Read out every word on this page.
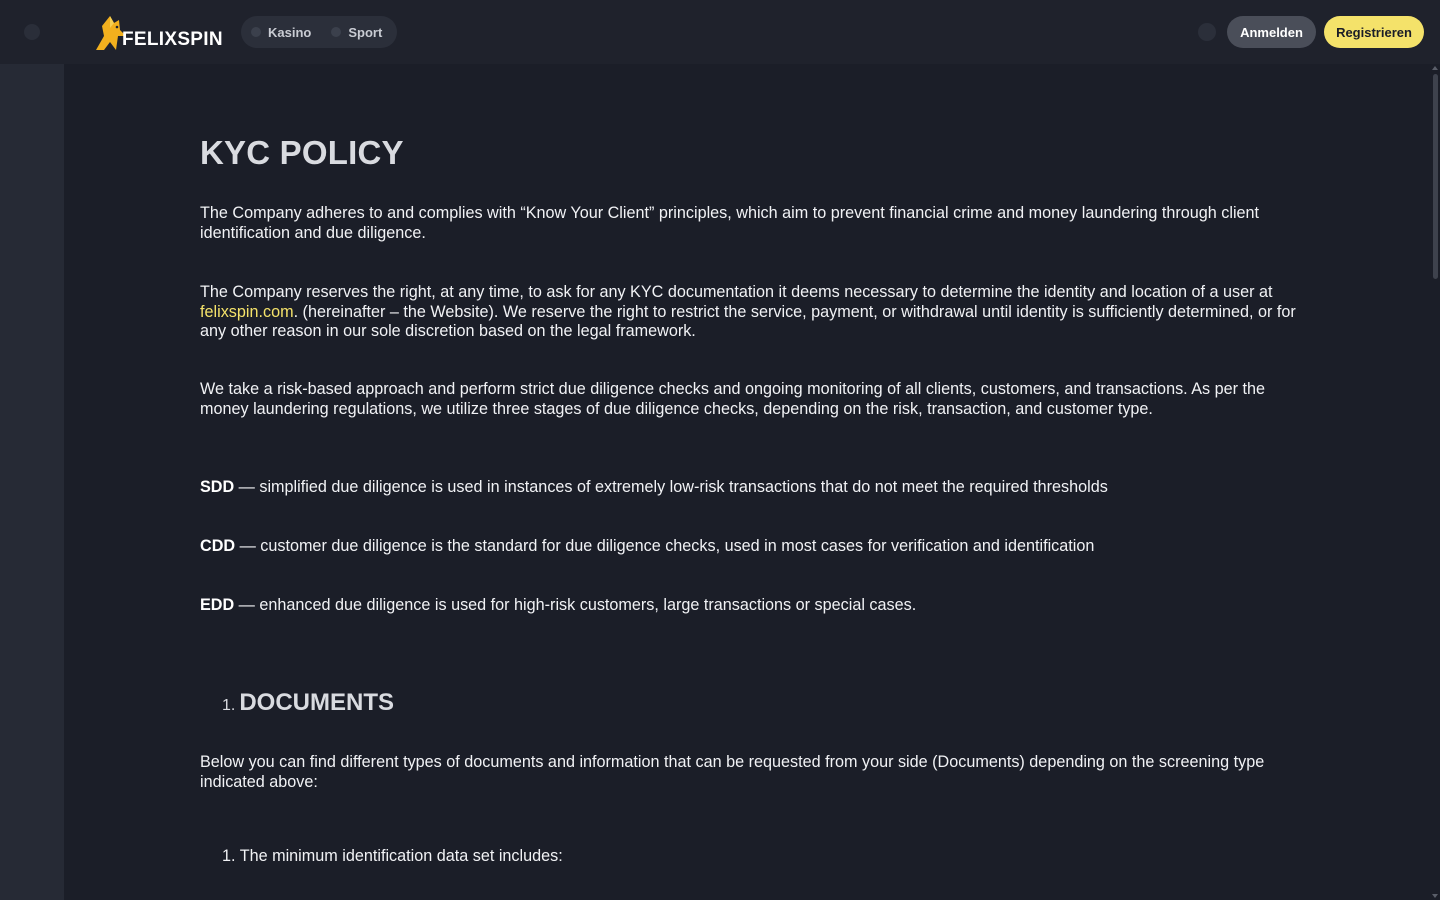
FELIXSPIN	Kasino	Sport	Anmelden	Registrieren
KYC POLICY

The Company adheres to and complies with “Know Your Client” principles, which aim to prevent financial crime and money laundering through client identification and due diligence.

The Company reserves the right, at any time, to ask for any KYC documentation it deems necessary to determine the identity and location of a user at felixspin.com. (hereinafter – the Website). We reserve the right to restrict the service, payment, or withdrawal until identity is sufficiently determined, or for any other reason in our sole discretion based on the legal framework.

We take a risk-based approach and perform strict due diligence checks and ongoing monitoring of all clients, customers, and transactions. As per the money laundering regulations, we utilize three stages of due diligence checks, depending on the risk, transaction, and customer type.

SDD — simplified due diligence is used in instances of extremely low-risk transactions that do not meet the required thresholds

CDD — customer due diligence is the standard for due diligence checks, used in most cases for verification and identification

EDD — enhanced due diligence is used for high-risk customers, large transactions or special cases.

1. DOCUMENTS

Below you can find different types of documents and information that can be requested from your side (Documents) depending on the screening type indicated above:

1. The minimum identification data set includes:
